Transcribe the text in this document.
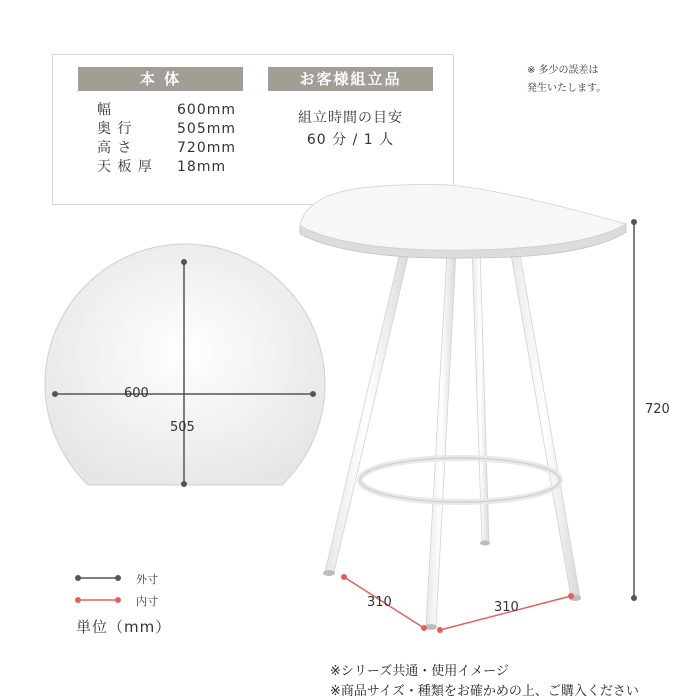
本 体	お客様組立品
幅	600mm
奥 行	505mm
高 さ	720mm
天 板 厚 18mm
組立時間の目安
60 分 / 1 人
※ 多少の誤差は
発生いたします。
600
505
720
310	310
外寸
内寸
単位（mm）
※シリーズ共通・使用イメージ
※商品サイズ・種類をお確かめの上、ご購入ください
